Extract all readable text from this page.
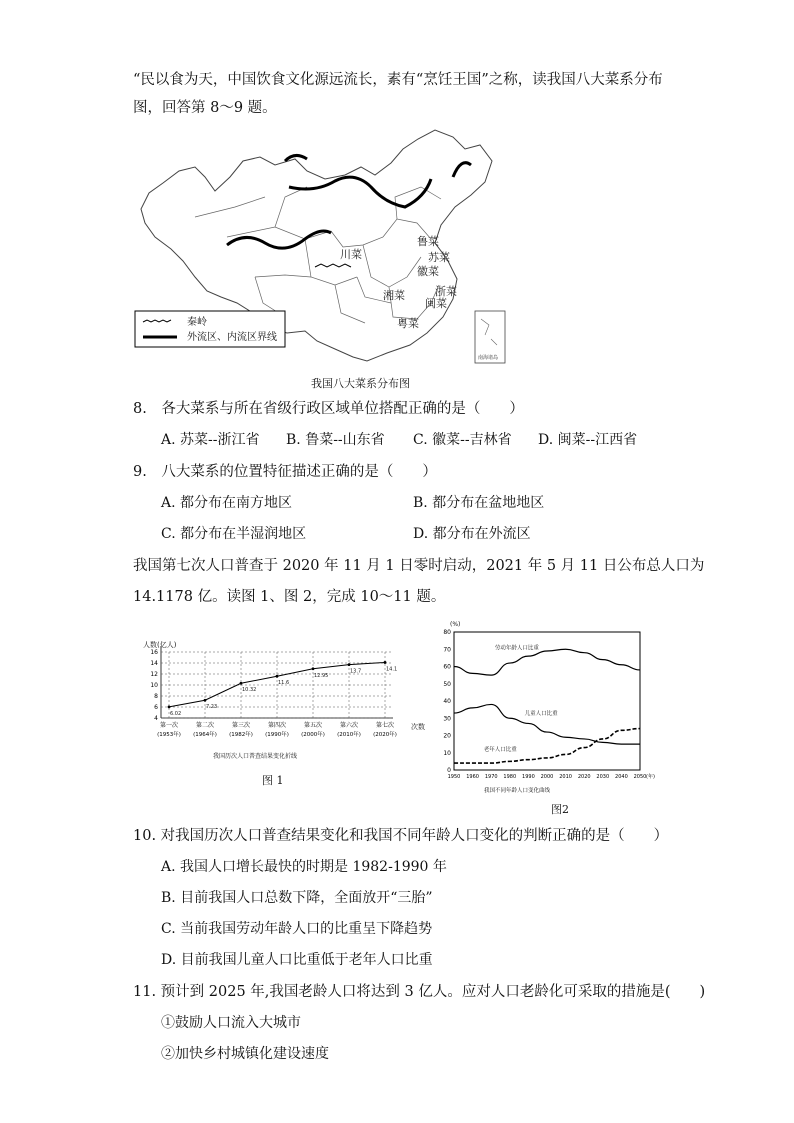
“民以食为天，中国饮食文化源远流长，素有“烹饪王国”之称，读我国八大菜系分布
图，回答第 8～9 题。
川菜
鲁菜
苏菜
徽菜
浙菜
湘菜
闽菜
粤菜
秦岭
外流区、内流区界线
南海诸岛
我国八大菜系分布图
8.　各大菜系与所在省级行政区域单位搭配正确的是（　　）
A. 苏菜--浙江省 B. 鲁菜--山东省 C. 徽菜--吉林省 D. 闽菜--江西省
9.　八大菜系的位置特征描述正确的是（　　）
A. 都分布在南方地区	B. 都分布在盆地地区
C. 都分布在半湿润地区	D. 都分布在外流区
我国第七次人口普查于 2020 年 11 月 1 日零时启动，2021 年 5 月 11 日公布总人口为
14.1178 亿。读图 1、图 2，完成 10～11 题。
人数(亿人)
次数
我国历次人口普查结果变化折线
4
6
8
10
12
14
16
第一次
(1953年)
第二次
(1964年)
第三次
(1982年)
第四次
(1990年)
第五次
(2000年)
第六次
(2010年)
第七次
(2020年)
6.02
7.23
10.32
11.6
12.95
13.7	14.1
图 1
(%)
我国不同年龄人口变化曲线
0
10
20
30
40
50
60
70
80
1950 1960 1970 1980 1990 2000 2010 2020 2030 2040 2050 (年)
劳动年龄人口比重
儿童人口比重
老年人口比重
图2
10. 对我国历次人口普查结果变化和我国不同年龄人口变化的判断正确的是（　　）
A. 我国人口增长最快的时期是 1982-1990 年
B. 目前我国人口总数下降，全面放开“三胎”
C. 当前我国劳动年龄人口的比重呈下降趋势
D. 目前我国儿童人口比重低于老年人口比重
11. 预计到 2025 年,我国老龄人口将达到 3 亿人。应对人口老龄化可采取的措施是(　　)
①鼓励人口流入大城市
②加快乡村城镇化建设速度
